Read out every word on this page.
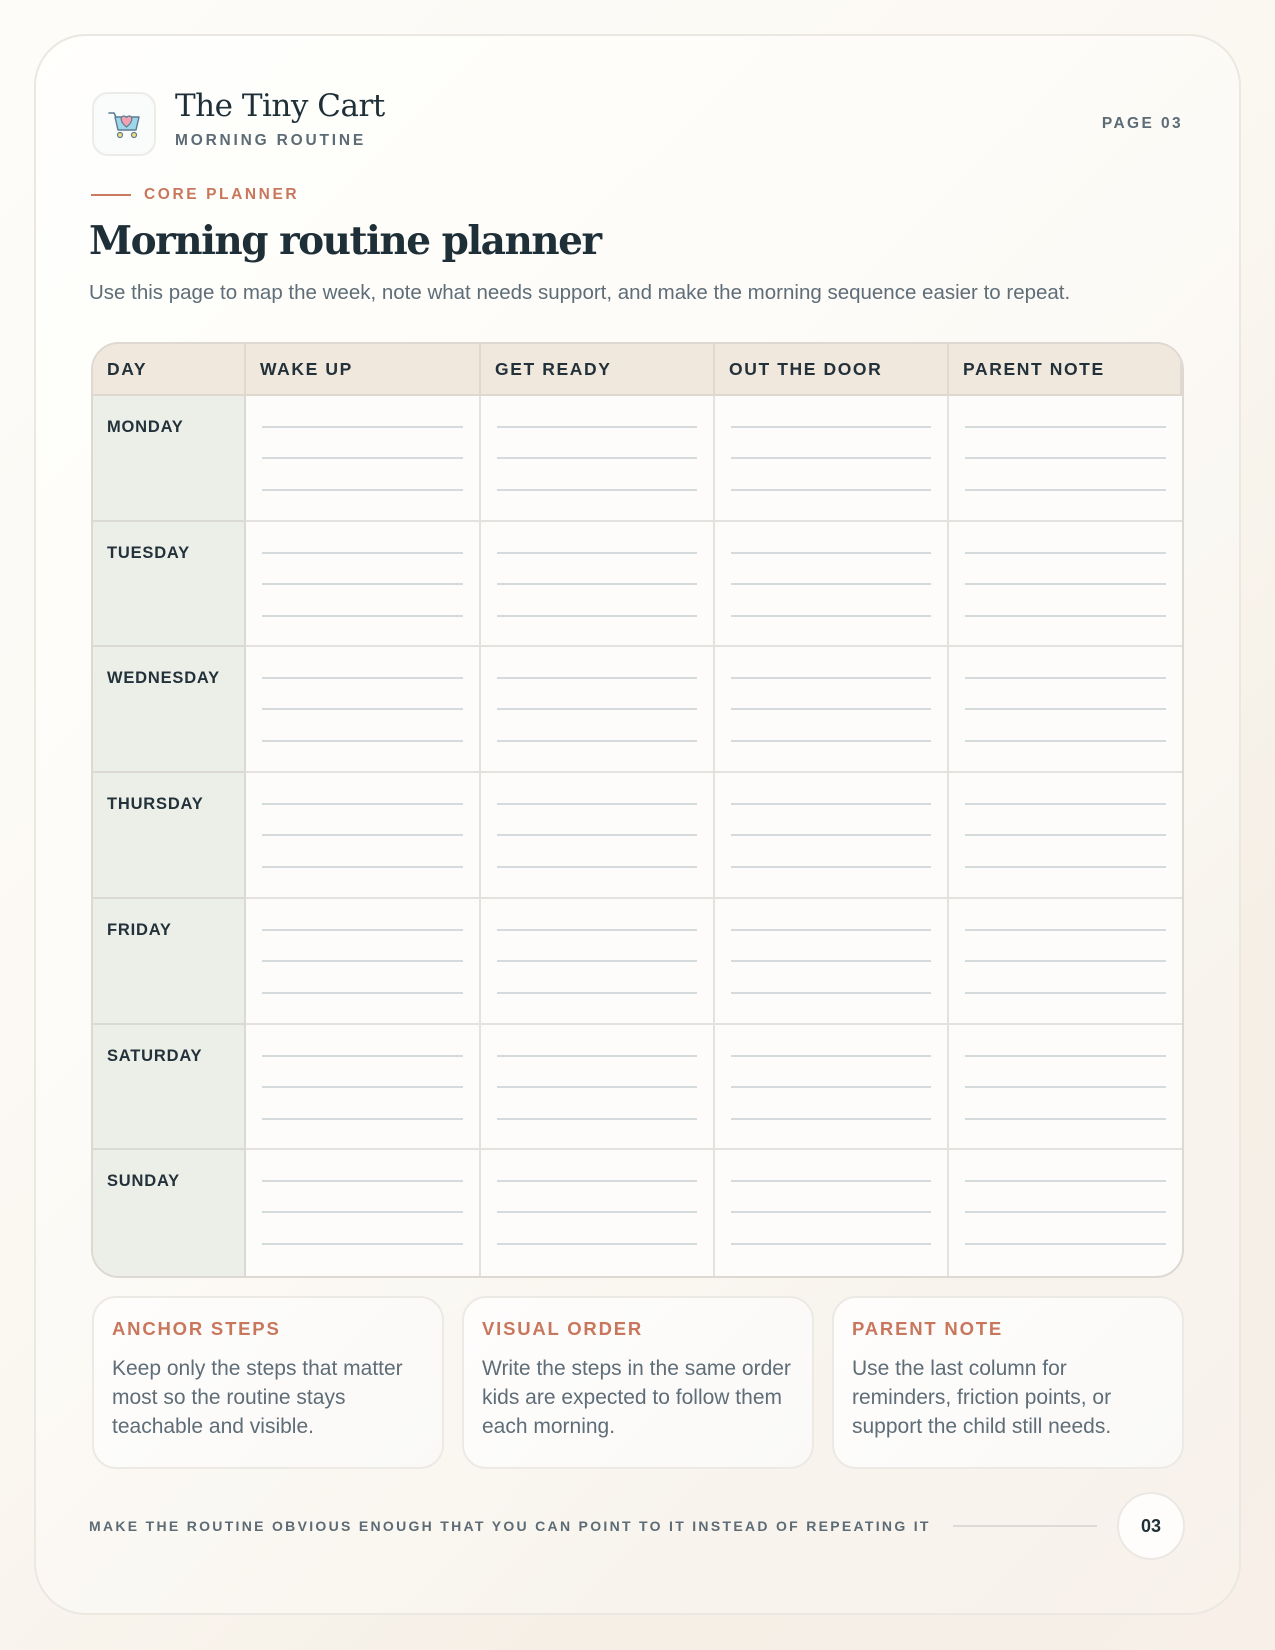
The Tiny Cart
MORNING ROUTINE
PAGE 03
CORE PLANNER
Morning routine planner

Use this page to map the week, note what needs support, and make the morning sequence easier to repeat.

DAY	WAKE UP	GET READY	OUT THE DOOR	PARENT NOTE
MONDAY
TUESDAY
WEDNESDAY
THURSDAY
FRIDAY
SATURDAY
SUNDAY
ANCHOR STEPS
Keep only the steps that matter most so the routine stays teachable and visible.
VISUAL ORDER
Write the steps in the same order kids are expected to follow them each morning.
PARENT NOTE
Use the last column for reminders, friction points, or support the child still needs.
MAKE THE ROUTINE OBVIOUS ENOUGH THAT YOU CAN POINT TO IT INSTEAD OF REPEATING IT	03
